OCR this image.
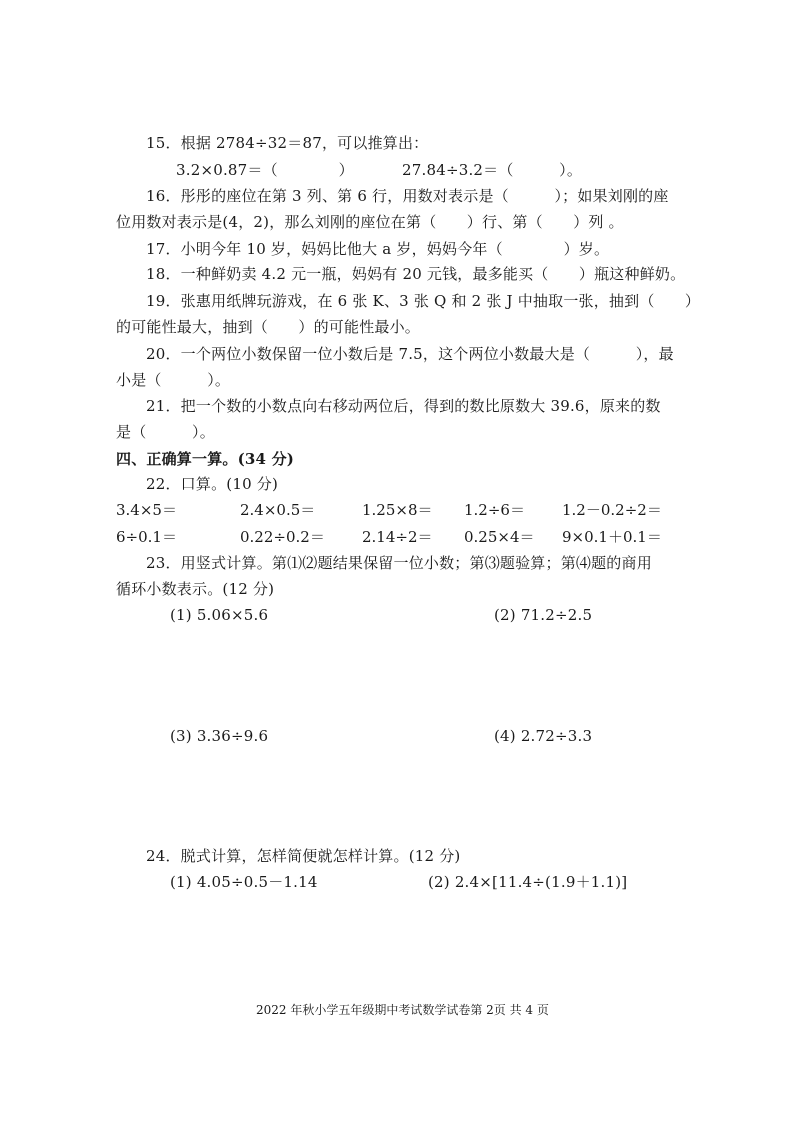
15．根据 2784÷32＝87，可以推算出：
3.2×0.87＝（　　　　）	27.84÷3.2＝（　　　）。
16．彤彤的座位在第 3 列、第 6 行，用数对表示是（　　　）；如果刘刚的座
位用数对表示是(4，2)，那么刘刚的座位在第（　　）行、第（　　）列 。
17．小明今年 10 岁，妈妈比他大 a 岁，妈妈今年（　　　　）岁。
18．一种鲜奶卖 4.2 元一瓶，妈妈有 20 元钱，最多能买（　　）瓶这种鲜奶。
19．张惠用纸牌玩游戏，在 6 张 K、3 张 Q 和 2 张 J 中抽取一张，抽到（　　）
的可能性最大，抽到（　　）的可能性最小。
20．一个两位小数保留一位小数后是 7.5，这个两位小数最大是（　　　），最
小是（　　　）。
21．把一个数的小数点向右移动两位后，得到的数比原数大 39.6，原来的数
是（　　　）。
四、正确算一算。(34 分)
22．口算。(10 分)
3.4×5＝	2.4×0.5＝	1.25×8＝ 1.2÷6＝ 1.2－0.2÷2＝
6÷0.1＝	0.22÷0.2＝ 2.14÷2＝ 0.25×4＝ 9×0.1＋0.1＝
23．用竖式计算。第⑴⑵题结果保留一位小数；第⑶题验算；第⑷题的商用
循环小数表示。(12 分)
(1) 5.06×5.6	(2) 71.2÷2.5
(3) 3.36÷9.6	(4) 2.72÷3.3
24．脱式计算，怎样简便就怎样计算。(12 分)
(1) 4.05÷0.5－1.14	(2) 2.4×[11.4÷(1.9＋1.1)]
2022 年秋小学五年级期中考试数学试卷第 2页 共 4 页
